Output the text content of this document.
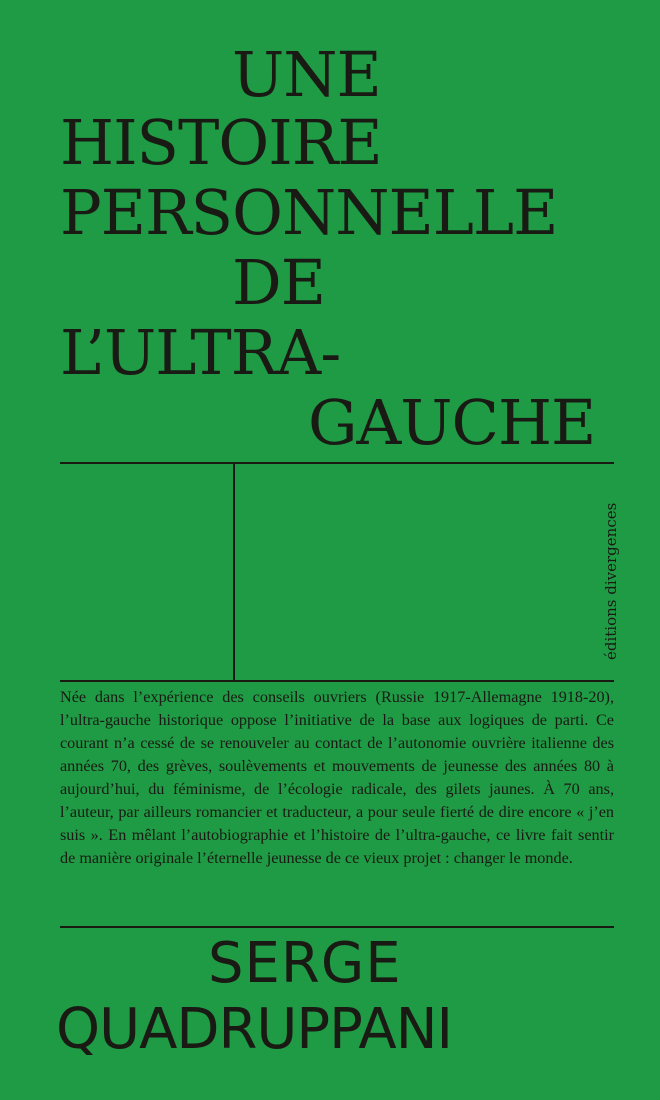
UNE
HISTOIRE
PERSONNELLE
DE
L’ULTRA-
GAUCHE
éditions divergences

Née dans l’expérience des conseils ouvriers (Russie 1917-Allemagne 1918-20), l’ultra-gauche historique oppose l’initiative de la base aux logiques de parti. Ce courant n’a cessé de se renouveler au contact de l’autonomie ouvrière italienne des années 70, des grèves, soulèvements et mouvements de jeunesse des années 80 à aujourd’hui, du féminisme, de l’écologie radicale, des gilets jaunes. À 70 ans, l’auteur, par ailleurs romancier et traducteur, a pour seule fierté de dire encore « j’en suis ». En mêlant l’autobiographie et l’histoire de l’ultra-gauche, ce livre fait sentir de manière originale l’éternelle jeunesse de ce vieux projet : changer le monde.

SERGE
QUADRUPPANI
